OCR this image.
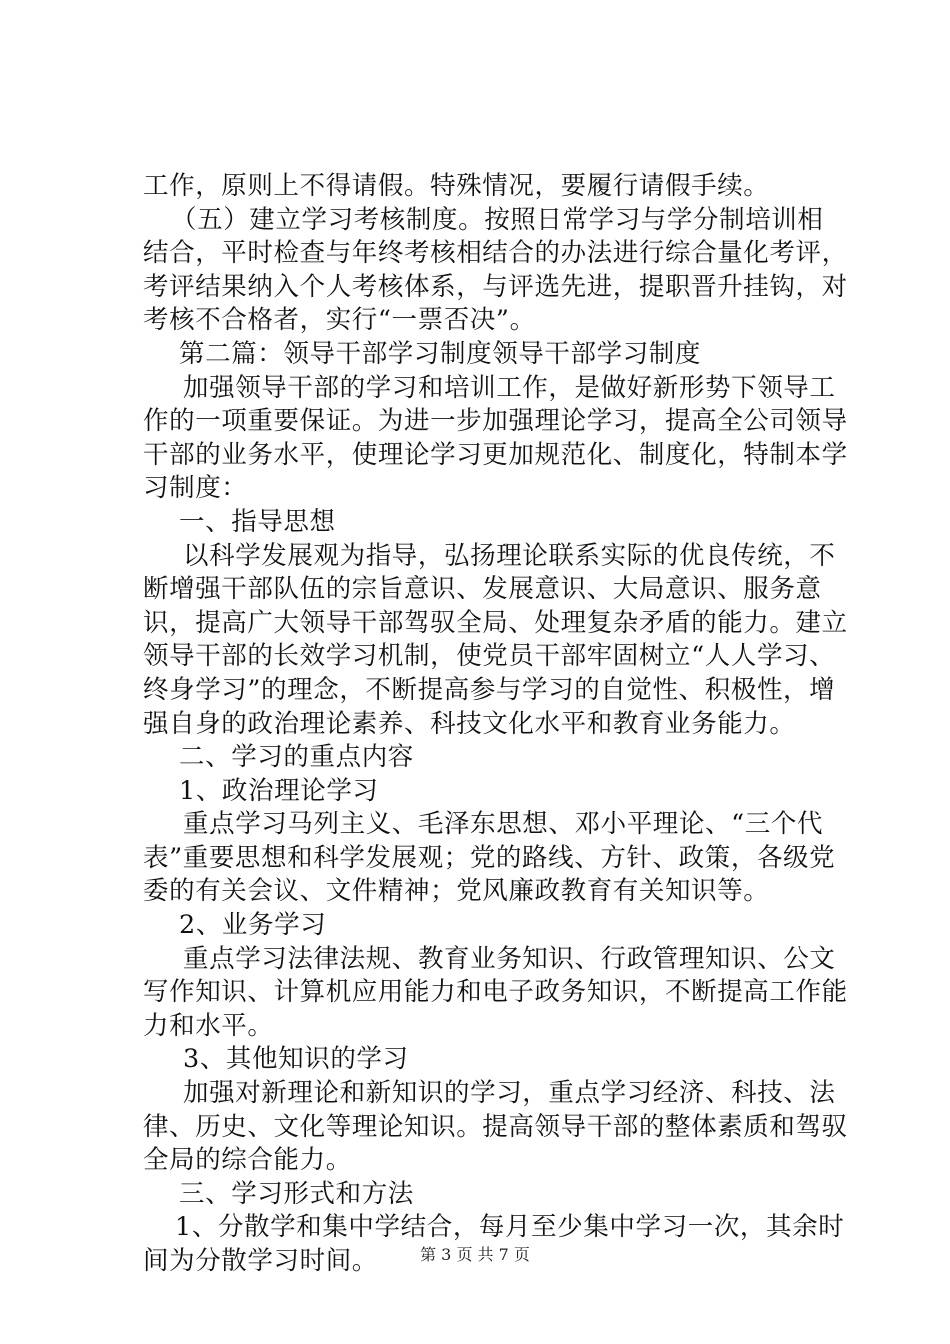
工作，原则上不得请假。特殊情况，要履行请假手续。
（五）建立学习考核制度。按照日常学习与学分制培训相
结合，平时检查与年终考核相结合的办法进行综合量化考评，
考评结果纳入个人考核体系，与评选先进，提职晋升挂钩，对
考核不合格者，实行“一票否决”。
第二篇：领导干部学习制度领导干部学习制度
加强领导干部的学习和培训工作，是做好新形势下领导工
作的一项重要保证。为进一步加强理论学习，提高全公司领导
干部的业务水平，使理论学习更加规范化、制度化，特制本学
习制度：
一、指导思想
以科学发展观为指导，弘扬理论联系实际的优良传统，不
断增强干部队伍的宗旨意识、发展意识、大局意识、服务意
识，提高广大领导干部驾驭全局、处理复杂矛盾的能力。建立
领导干部的长效学习机制，使党员干部牢固树立“人人学习、
终身学习”的理念，不断提高参与学习的自觉性、积极性，增
强自身的政治理论素养、科技文化水平和教育业务能力。
二、学习的重点内容
1、政治理论学习
重点学习马列主义、毛泽东思想、邓小平理论、“三个代
表”重要思想和科学发展观；党的路线、方针、政策，各级党
委的有关会议、文件精神；党风廉政教育有关知识等。
2、业务学习
重点学习法律法规、教育业务知识、行政管理知识、公文
写作知识、计算机应用能力和电子政务知识，不断提高工作能
力和水平。
3、其他知识的学习
加强对新理论和新知识的学习，重点学习经济、科技、法
律、历史、文化等理论知识。提高领导干部的整体素质和驾驭
全局的综合能力。
三、学习形式和方法
1、分散学和集中学结合，每月至少集中学习一次，其余时
间为分散学习时间。	第 3 页 共 7 页
